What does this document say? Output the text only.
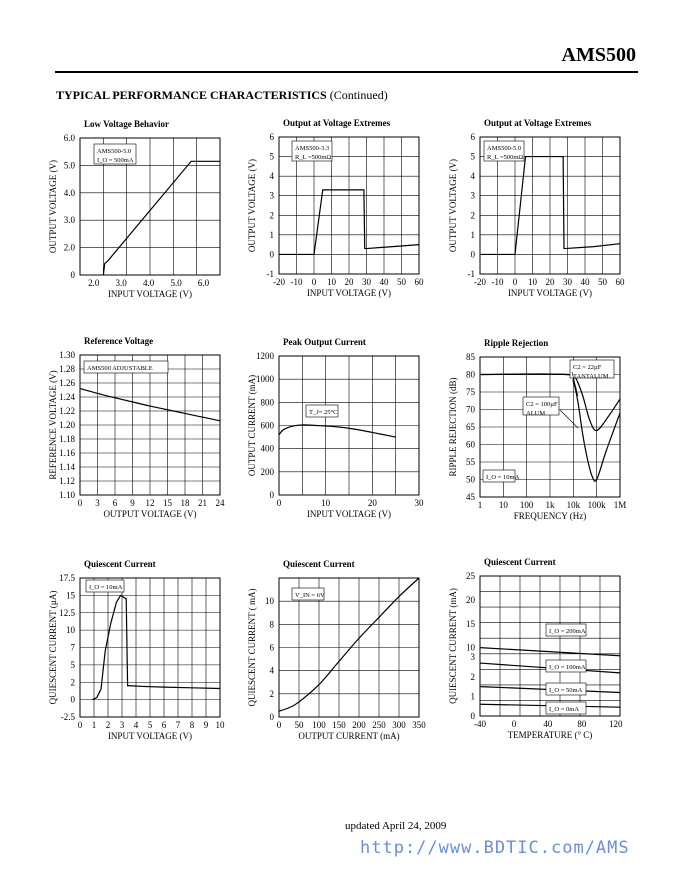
AMS500
TYPICAL PERFORMANCE CHARACTERISTICS (Continued)
Low Voltage Behavior
2.0 3.0 4.0 5.0 6.0
0
2.0
3.0
4.0
5.0
6.0
INPUT VOLTAGE (V)
OUTPUT VOLTAGE (V)
Output at Voltage Extremes
-20 -10 0 10 20 30 40 50 60
-1
0
1
2
3
4
5
6
INPUT VOLTAGE (V)
OUTPUT VOLTAGE (V)
Output at Voltage Extremes
-20 -10 0 10 20 30 40 50 60
-1
0
1
2
3
4
5
6
INPUT VOLTAGE (V)
OUTPUT VOLTAGE (V)
Reference Voltage
0 3 6 9 12 15 18 21 24
1.10
1.12
1.14
1.16
1.18
1.20
1.22
1.24
1.26
1.28
1.30
OUTPUT VOLTAGE (V)
REFERENCE VOLTAGE (V)
Peak Output Current
0	10	20	30
0
200
400
600
800
1000
1200
INPUT VOLTAGE (V)
OUTPUT CURRENT (mA)
Ripple Rejection
1 10 100 1k 10k 100k 1M
45
50
55
60
65
70
75
80
85
FREQUENCY (Hz)
RIPPLE REJECTION (dB)
Quiescent Current
0 1 2 3 4 5 6 7 8 9 10
-2.5
0
2
5
7
10
12.5
15
17.5
INPUT VOLTAGE (V)
QUIESCENT CURRENT (µA)
Quiescent Current
0 50 100 150 200 250 300 350
0
2
4
6
8
10
OUTPUT CURRENT (mA)
QUIESCENT CURRENT ( mA)
Quiescent Current
-40	0	40	80	120
0
1
2
3
10
15
20
25
TEMPERATURE (° C)
QUIESCENT CURRENT (mA)
AMS500-5.0
I_O = 500mA
AMS500-3.3
R_L =500mΩ
AMS500-5.0
R_L =500mΩ
AMS500 ADJUSTABLE
T_J= 25°C
C2 = 22µF
TANTALUM
C2 = 100µF
ALUM
I_O = 10mA
I_O = 10mA
V_IN = 6V
I_O = 200mA
I_O = 100mA
I_O = 50mA
I_O = 0mA
updated April 24, 2009
http://www.BDTIC.com/AMS
